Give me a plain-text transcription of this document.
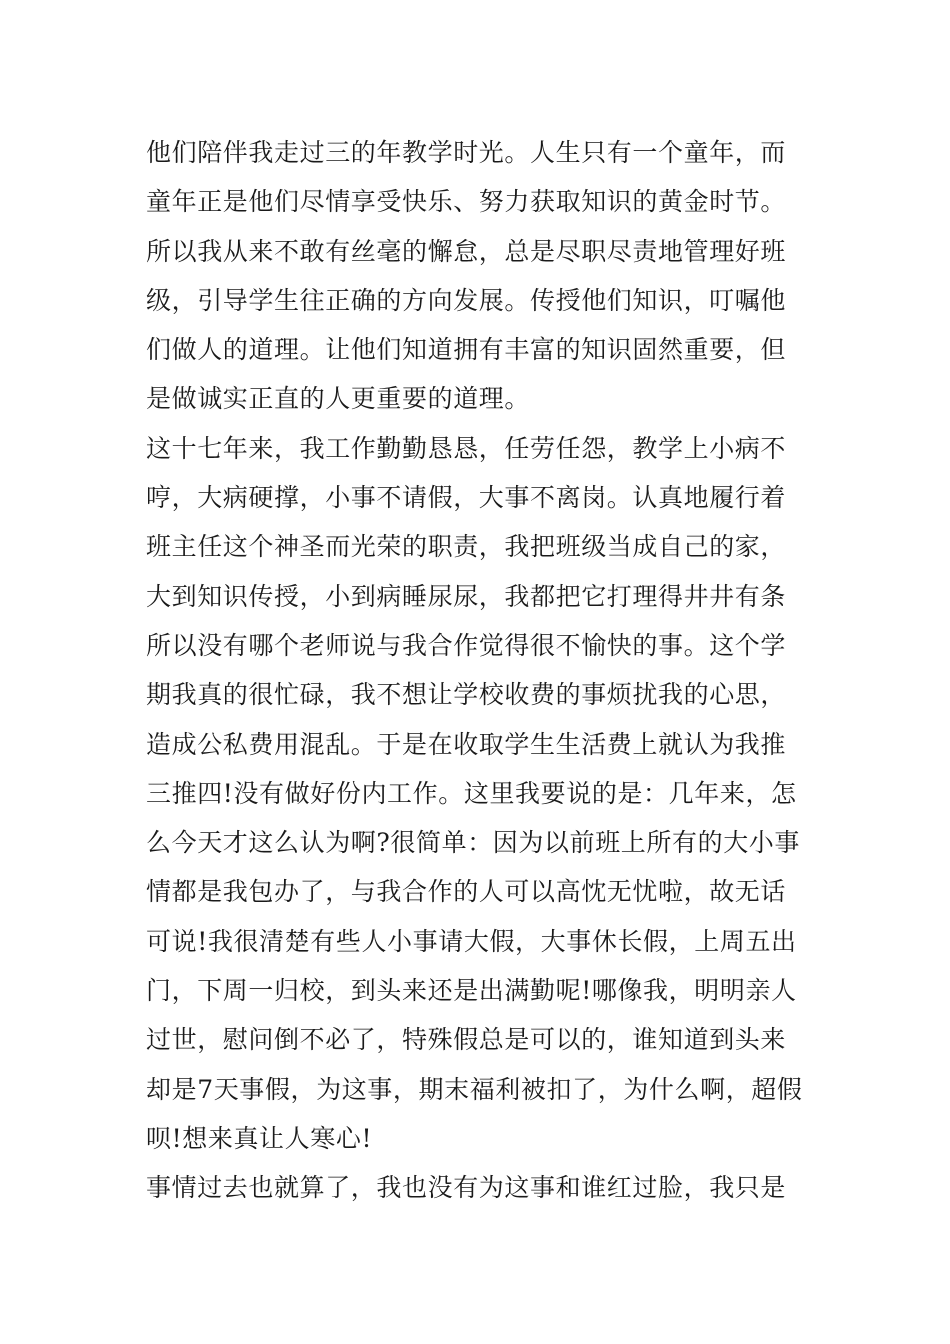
他们陪伴我走过三的年教学时光。人生只有一个童年，而
童年正是他们尽情享受快乐、努力获取知识的黄金时节。
所以我从来不敢有丝毫的懈怠，总是尽职尽责地管理好班
级，引导学生往正确的方向发展。传授他们知识，叮嘱他
们做人的道理。让他们知道拥有丰富的知识固然重要，但
是做诚实正直的人更重要的道理。
这十七年来，我工作勤勤恳恳，任劳任怨，教学上小病不
哼，大病硬撑，小事不请假，大事不离岗。认真地履行着
班主任这个神圣而光荣的职责，我把班级当成自己的家，
大到知识传授，小到病睡尿尿，我都把它打理得井井有条
所以没有哪个老师说与我合作觉得很不愉快的事。这个学
期我真的很忙碌，我不想让学校收费的事烦扰我的心思，
造成公私费用混乱。于是在收取学生生活费上就认为我推
三推四!没有做好份内工作。这里我要说的是：几年来，怎
么今天才这么认为啊?很简单：因为以前班上所有的大小事
情都是我包办了，与我合作的人可以高忱无忧啦，故无话
可说!我很清楚有些人小事请大假，大事休长假，上周五出
门，下周一归校，到头来还是出满勤呢!哪像我，明明亲人
过世，慰问倒不必了，特殊假总是可以的，谁知道到头来
却是7天事假，为这事，期末福利被扣了，为什么啊，超假
呗!想来真让人寒心!
事情过去也就算了，我也没有为这事和谁红过脸，我只是
